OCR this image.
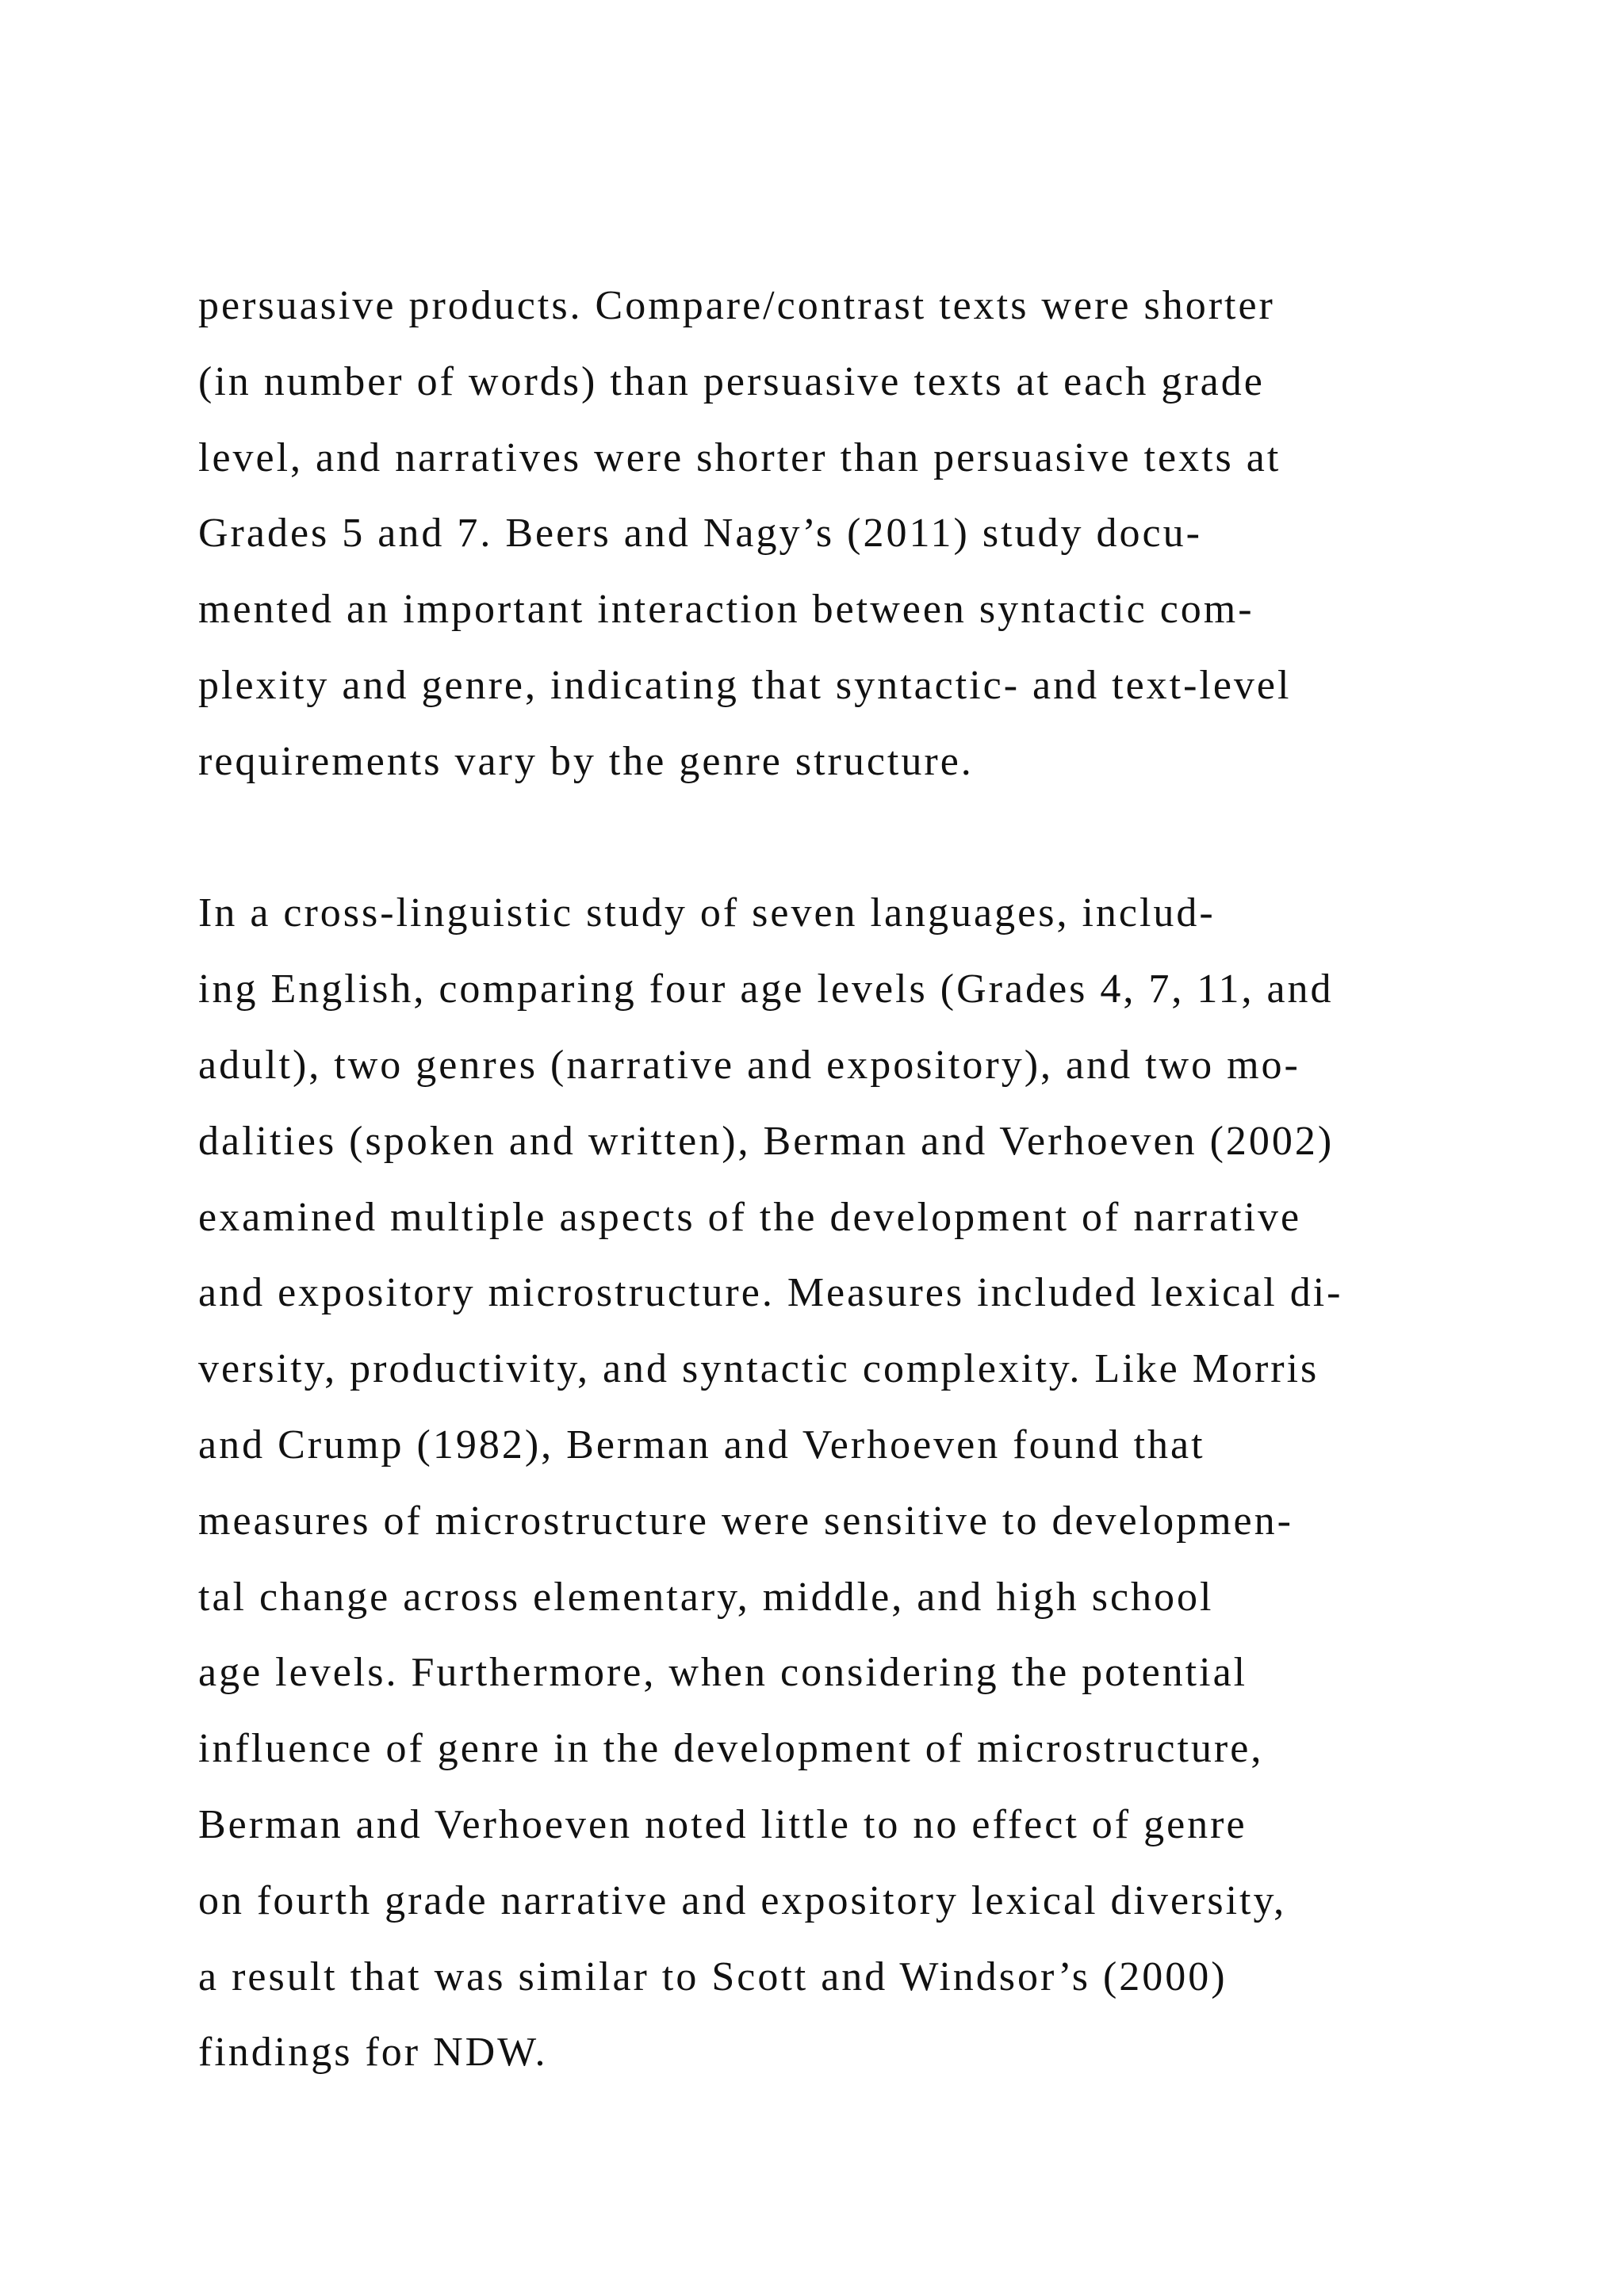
persuasive products. Compare/contrast texts were shorter
(in number of words) than persuasive texts at each grade
level, and narratives were shorter than persuasive texts at
Grades 5 and 7. Beers and Nagy’s (2011) study docu-
mented an important interaction between syntactic com-
plexity and genre, indicating that syntactic- and text-level
requirements vary by the genre structure.
In a cross-linguistic study of seven languages, includ-
ing English, comparing four age levels (Grades 4, 7, 11, and
adult), two genres (narrative and expository), and two mo-
dalities (spoken and written), Berman and Verhoeven (2002)
examined multiple aspects of the development of narrative
and expository microstructure. Measures included lexical di-
versity, productivity, and syntactic complexity. Like Morris
and Crump (1982), Berman and Verhoeven found that
measures of microstructure were sensitive to developmen-
tal change across elementary, middle, and high school
age levels. Furthermore, when considering the potential
influence of genre in the development of microstructure,
Berman and Verhoeven noted little to no effect of genre
on fourth grade narrative and expository lexical diversity,
a result that was similar to Scott and Windsor’s (2000)
findings for NDW.
